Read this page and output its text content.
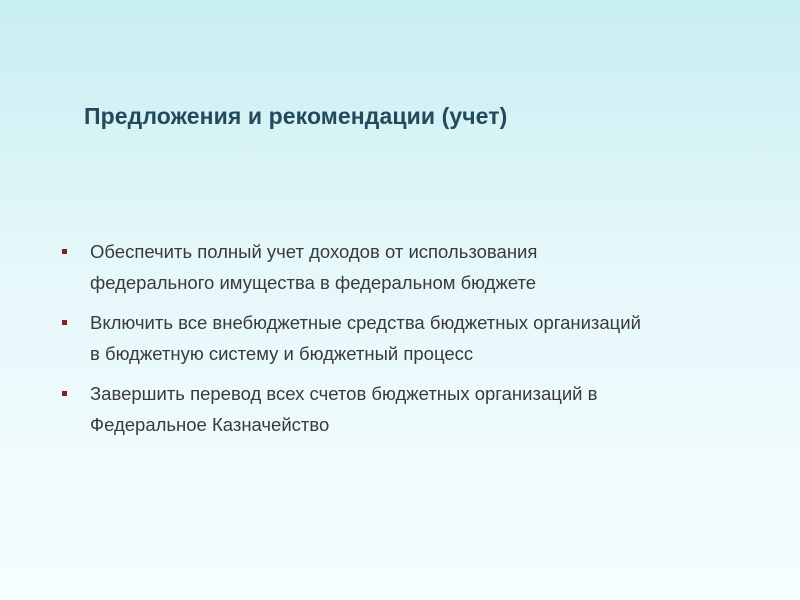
Предложения и рекомендации (учет)
Обеспечить полный учет доходов от использования
федерального имущества в федеральном бюджете
Включить все внебюджетные средства бюджетных организаций
в бюджетную систему и бюджетный процесс
Завершить перевод всех счетов бюджетных организаций в
Федеральное Казначейство
